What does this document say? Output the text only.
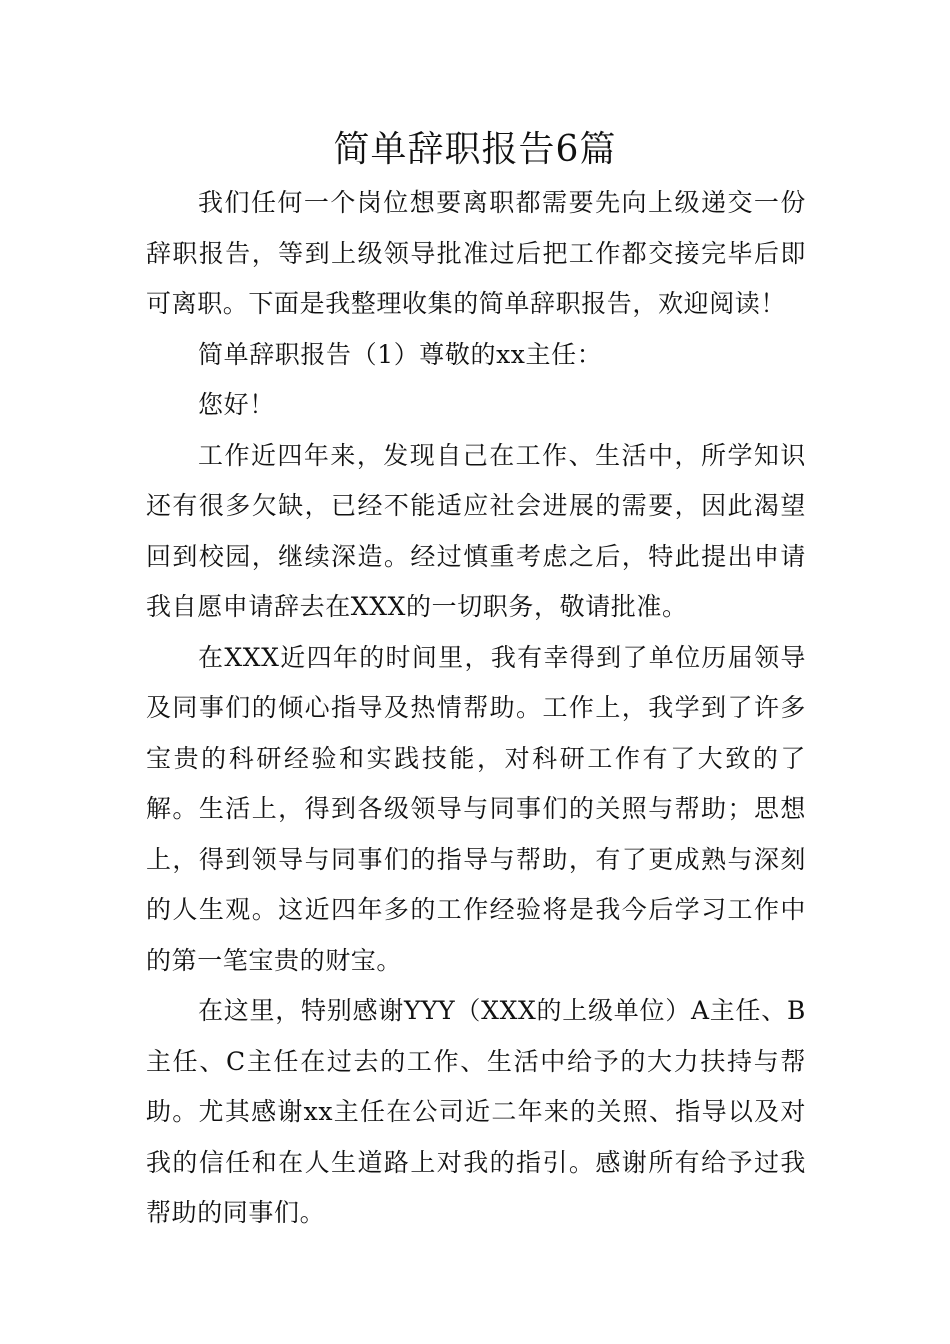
简单辞职报告6篇

我们任何一个岗位想要离职都需要先向上级递交一份辞职报告，等到上级领导批准过后把工作都交接完毕后即可离职。下面是我整理收集的简单辞职报告，欢迎阅读！

简单辞职报告（1）尊敬的xx主任：

您好！

工作近四年来，发现自己在工作、生活中，所学知识还有很多欠缺，已经不能适应社会进展的需要，因此渴望回到校园，继续深造。经过慎重考虑之后，特此提出申请我自愿申请辞去在XXX的一切职务，敬请批准。

在XXX近四年的时间里，我有幸得到了单位历届领导及同事们的倾心指导及热情帮助。工作上，我学到了许多宝贵的科研经验和实践技能，对科研工作有了大致的了解。生活上，得到各级领导与同事们的关照与帮助；思想上，得到领导与同事们的指导与帮助，有了更成熟与深刻的人生观。这近四年多的工作经验将是我今后学习工作中的第一笔宝贵的财宝。

在这里，特别感谢YYY（XXX的上级单位）A主任、B主任、C主任在过去的工作、生活中给予的大力扶持与帮助。尤其感谢xx主任在公司近二年来的关照、指导以及对我的信任和在人生道路上对我的指引。感谢所有给予过我帮助的同事们。
